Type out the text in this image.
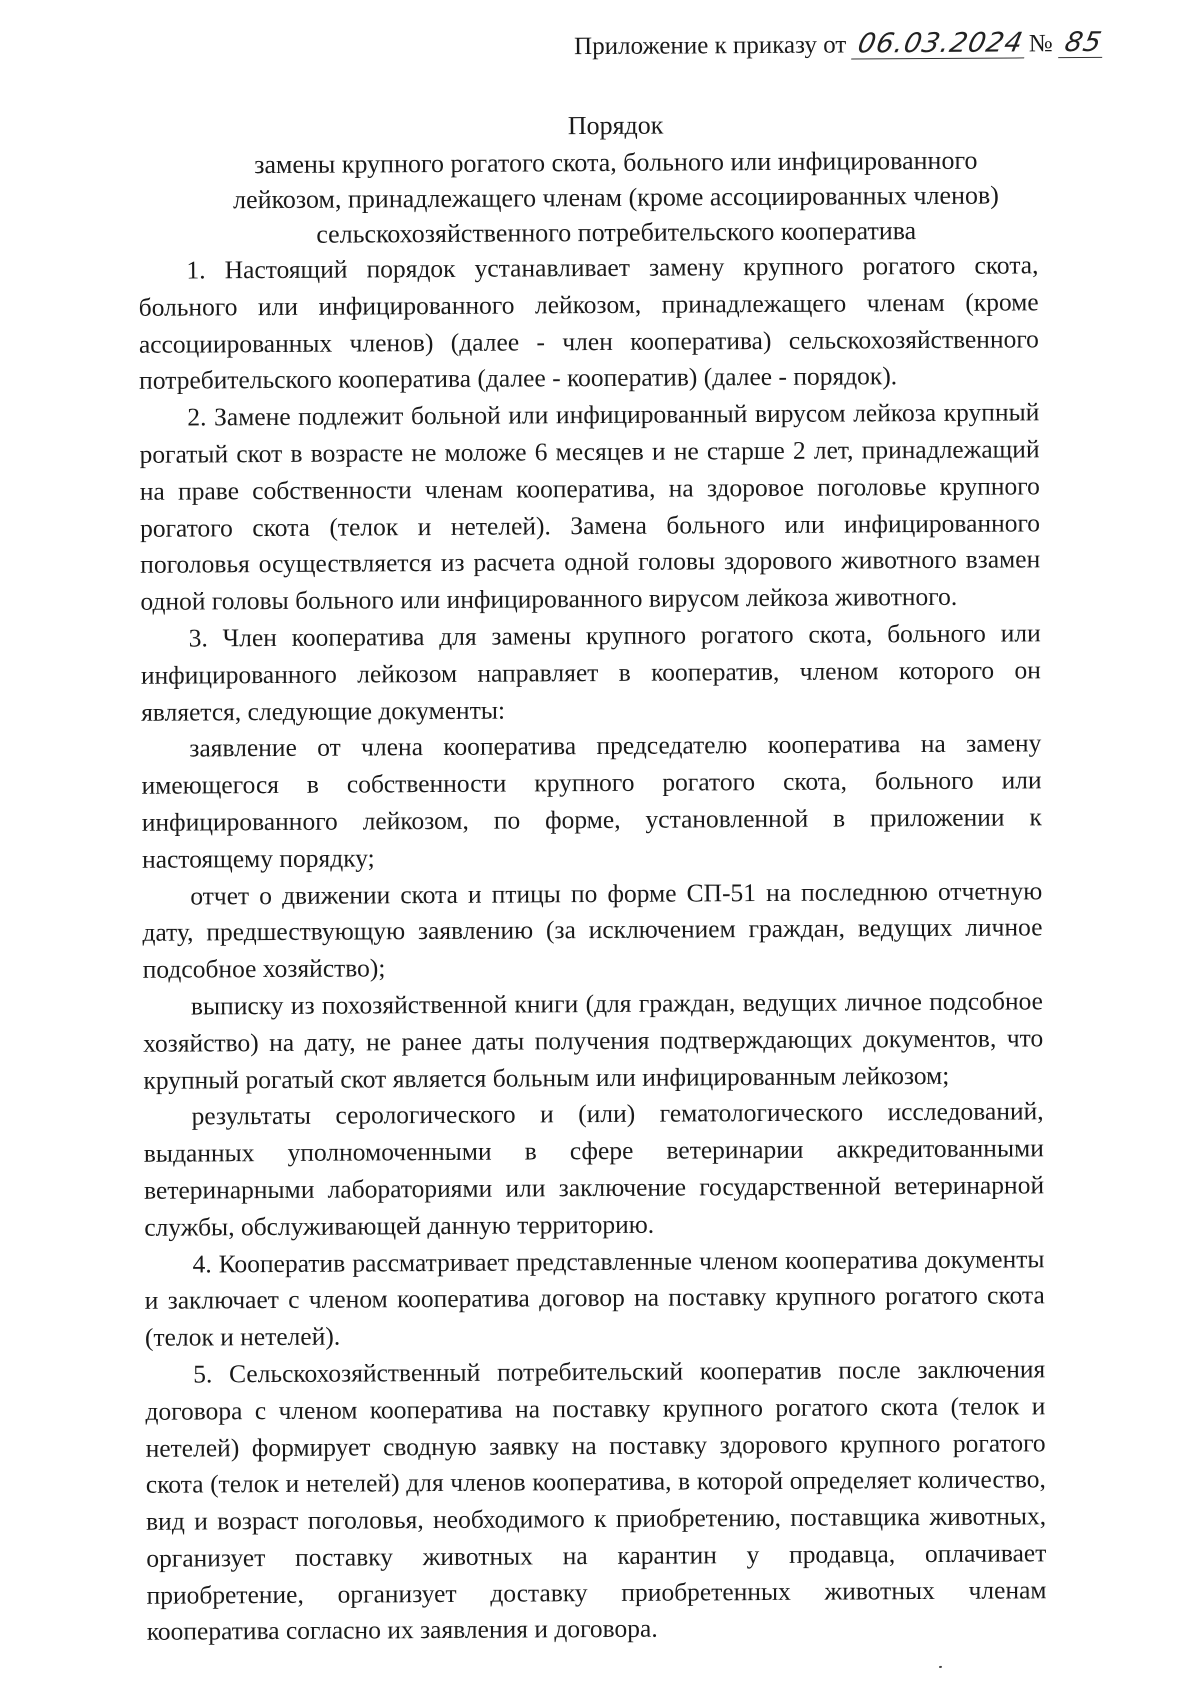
Приложение к приказу от 06.03.2024 № 85
Порядок
замены крупного рогатого скота, больного или инфицированного
лейкозом, принадлежащего членам (кроме ассоциированных членов)
сельскохозяйственного потребительского кооператива

1. Настоящий порядок устанавливает замену крупного рогатого скота, больного или инфицированного лейкозом, принадлежащего членам (кроме ассоциированных членов) (далее - член кооператива) сельскохозяйственного потребительского кооператива (далее - кооператив) (далее - порядок).

2. Замене подлежит больной или инфицированный вирусом лейкоза крупный рогатый скот в возрасте не моложе 6 месяцев и не старше 2 лет, принадлежащий на праве собственности членам кооператива, на здоровое поголовье крупного рогатого скота (телок и нетелей). Замена больного или инфицированного поголовья осуществляется из расчета одной головы здорового животного взамен одной головы больного или инфицированного вирусом лейкоза животного.

3. Член кооператива для замены крупного рогатого скота, больного или инфицированного лейкозом направляет в кооператив, членом которого он является, следующие документы:

заявление от члена кооператива председателю кооператива на замену имеющегося в собственности крупного рогатого скота, больного или инфицированного лейкозом, по форме, установленной в приложении к настоящему порядку;

отчет о движении скота и птицы по форме СП-51 на последнюю отчетную дату, предшествующую заявлению (за исключением граждан, ведущих личное подсобное хозяйство);

выписку из похозяйственной книги (для граждан, ведущих личное подсобное хозяйство) на дату, не ранее даты получения подтверждающих документов, что крупный рогатый скот является больным или инфицированным лейкозом;

результаты серологического и (или) гематологического исследований, выданных уполномоченными в сфере ветеринарии аккредитованными ветеринарными лабораториями или заключение государственной ветеринарной службы, обслуживающей данную территорию.

4. Кооператив рассматривает представленные членом кооператива документы и заключает с членом кооператива договор на поставку крупного рогатого скота (телок и нетелей).

5. Сельскохозяйственный потребительский кооператив после заключения договора с членом кооператива на поставку крупного рогатого скота (телок и нетелей) формирует сводную заявку на поставку здорового крупного рогатого скота (телок и нетелей) для членов кооператива, в которой определяет количество, вид и возраст поголовья, необходимого к приобретению, поставщика животных, организует поставку животных на карантин у продавца, оплачивает приобретение, организует доставку приобретенных животных членам кооператива согласно их заявления и договора.
